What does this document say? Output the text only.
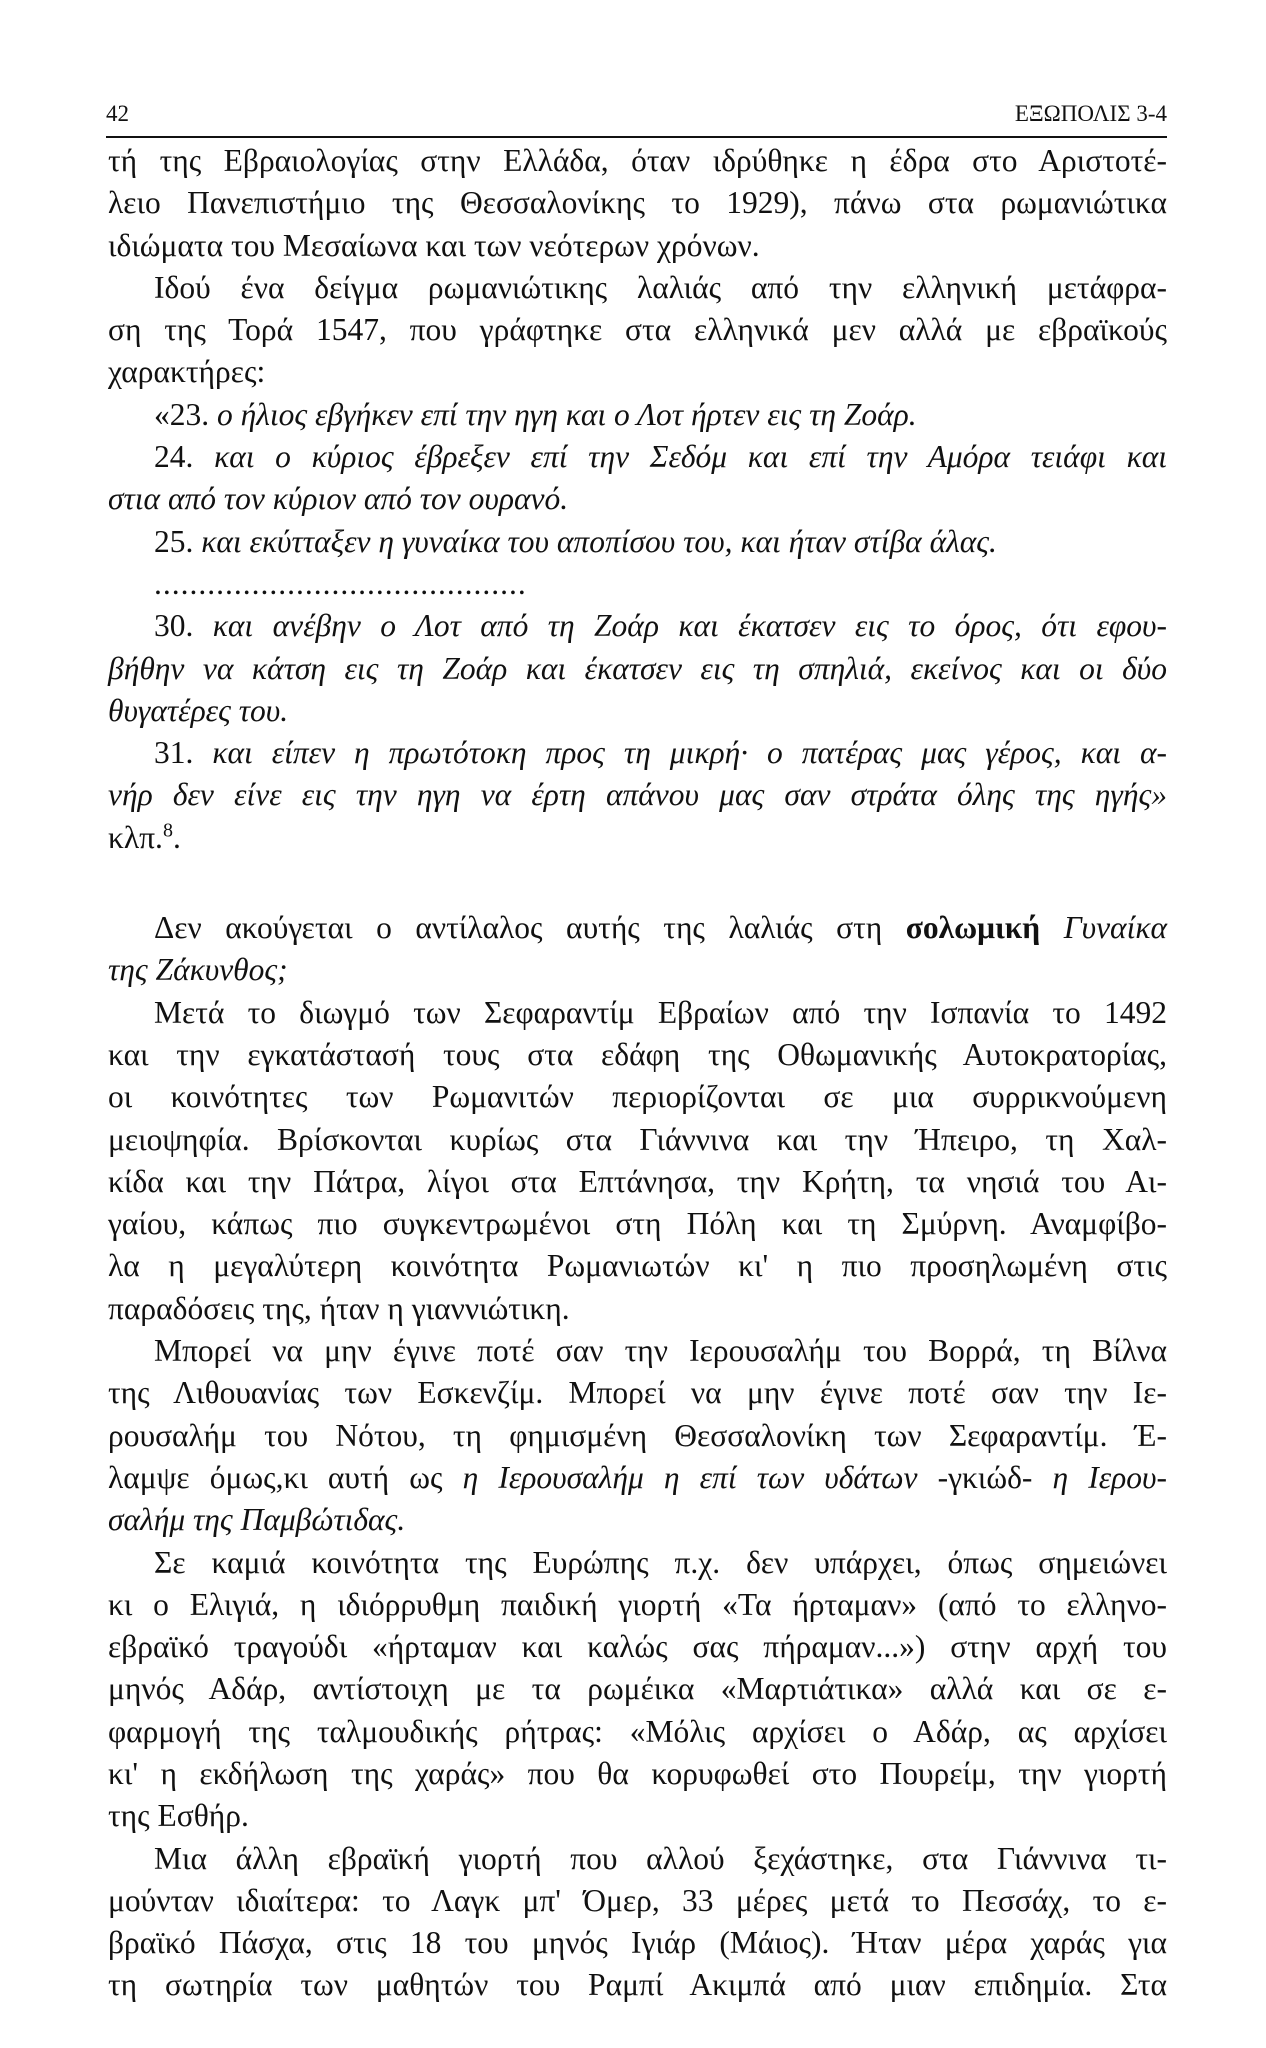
42	ΕΞΩΠΟΛΙΣ 3-4
τή της Εβραιολογίας στην Ελλάδα, όταν ιδρύθηκε η έδρα στο Αριστοτέ-
λειο Πανεπιστήμιο της Θεσσαλονίκης το 1929), πάνω στα ρωμανιώτικα
ιδιώματα του Μεσαίωνα και των νεότερων χρόνων.
Ιδού ένα δείγμα ρωμανιώτικης λαλιάς από την ελληνική μετάφρα-
ση της Τορά 1547, που γράφτηκε στα ελληνικά μεν αλλά με εβραϊκούς
χαρακτήρες:
«23. ο ήλιος εβγήκεν επί την ηγη και ο Λοτ ήρτεν εις τη Ζοάρ.
24. και ο κύριος έβρεξεν επί την Σεδόμ και επί την Αμόρα τειάφι και
στια από τον κύριον από τον ουρανό.
25. και εκύτταξεν η γυναίκα του αποπίσου του, και ήταν στίβα άλας.
..........................................
30. και ανέβην ο Λοτ από τη Ζοάρ και έκατσεν εις το όρος, ότι εφου-
βήθην να κάτση εις τη Ζοάρ και έκατσεν εις τη σπηλιά, εκείνος και οι δύο
θυγατέρες του.
31. και είπεν η πρωτότοκη προς τη μικρή· ο πατέρας μας γέρος, και α-
νήρ δεν είνε εις την ηγη να έρτη απάνου μας σαν στράτα όλης της ηγής»
κλπ.$^8$.
Δεν ακούγεται ο αντίλαλος αυτής της λαλιάς στη σολωμική Γυναίκα
της Ζάκυνθος;
Μετά το διωγμό των Σεφαραντίμ Εβραίων από την Ισπανία το 1492
και την εγκατάστασή τους στα εδάφη της Οθωμανικής Αυτοκρατορίας,
οι κοινότητες των Ρωμανιτών περιορίζονται σε μια συρρικνούμενη
μειοψηφία. Βρίσκονται κυρίως στα Γιάννινα και την Ήπειρο, τη Χαλ-
κίδα και την Πάτρα, λίγοι στα Επτάνησα, την Κρήτη, τα νησιά του Αι-
γαίου, κάπως πιο συγκεντρωμένοι στη Πόλη και τη Σμύρνη. Αναμφίβο-
λα η μεγαλύτερη κοινότητα Ρωμανιωτών κι' η πιο προσηλωμένη στις
παραδόσεις της, ήταν η γιαννιώτικη.
Μπορεί να μην έγινε ποτέ σαν την Ιερουσαλήμ του Βορρά, τη Βίλνα
της Λιθουανίας των Εσκενζίμ. Μπορεί να μην έγινε ποτέ σαν την Ιε-
ρουσαλήμ του Νότου, τη φημισμένη Θεσσαλονίκη των Σεφαραντίμ. Έ-
λαμψε όμως,κι αυτή ως η Ιερουσαλήμ η επί των υδάτων -γκιώδ- η Ιερου-
σαλήμ της Παμβώτιδας.
Σε καμιά κοινότητα της Ευρώπης π.χ. δεν υπάρχει, όπως σημειώνει
κι ο Ελιγιά, η ιδιόρρυθμη παιδική γιορτή «Τα ήρταμαν» (από το ελληνο-
εβραϊκό τραγούδι «ήρταμαν και καλώς σας πήραμαν...») στην αρχή του
μηνός Αδάρ, αντίστοιχη με τα ρωμέικα «Μαρτιάτικα» αλλά και σε ε-
φαρμογή της ταλμουδικής ρήτρας: «Μόλις αρχίσει ο Αδάρ, ας αρχίσει
κι' η εκδήλωση της χαράς» που θα κορυφωθεί στο Πουρείμ, την γιορτή
της Εσθήρ.
Μια άλλη εβραϊκή γιορτή που αλλού ξεχάστηκε, στα Γιάννινα τι-
μούνταν ιδιαίτερα: το Λαγκ μπ' Όμερ, 33 μέρες μετά το Πεσσάχ, το ε-
βραϊκό Πάσχα, στις 18 του μηνός Ιγιάρ (Μάιος). Ήταν μέρα χαράς για
τη σωτηρία των μαθητών του Ραμπί Ακιμπά από μιαν επιδημία. Στα
